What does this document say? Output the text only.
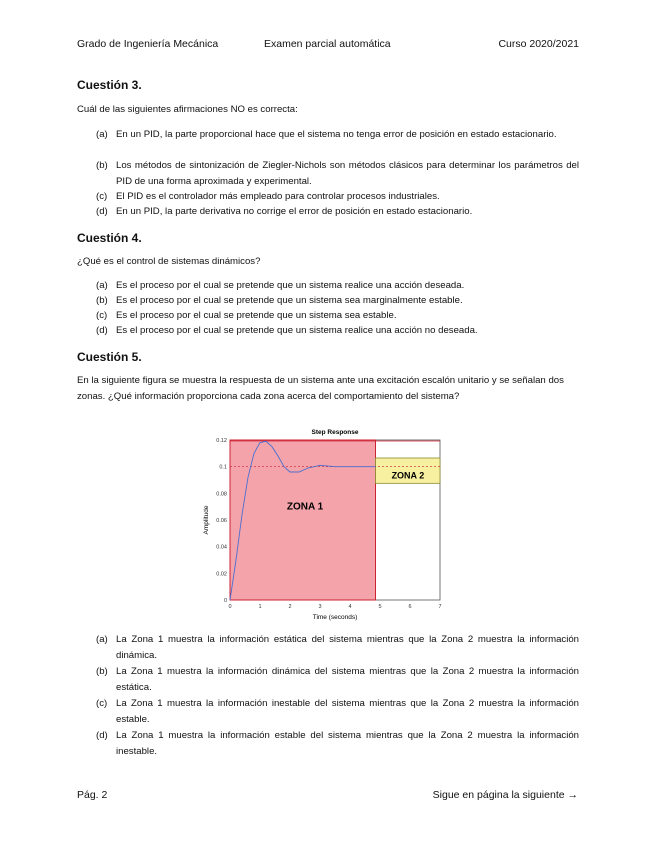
Grado de Ingeniería Mecánica	Examen parcial automática	Curso 2020/2021
Cuestión 3.
Cuál de las siguientes afirmaciones NO es correcta:
(a) En un PID, la parte proporcional hace que el sistema no tenga error de posición en estado estacionario.
(b) Los métodos de sintonización de Ziegler-Nichols son métodos clásicos para determinar los parámetros del PID de una forma aproximada y experimental.
(c) El PID es el controlador más empleado para controlar procesos industriales.
(d) En un PID, la parte derivativa no corrige el error de posición en estado estacionario.
Cuestión 4.
¿Qué es el control de sistemas dinámicos?
(a) Es el proceso por el cual se pretende que un sistema realice una acción deseada.
(b) Es el proceso por el cual se pretende que un sistema sea marginalmente estable.
(c) Es el proceso por el cual se pretende que un sistema sea estable.
(d) Es el proceso por el cual se pretende que un sistema realice una acción no deseada.
Cuestión 5.
En la siguiente figura se muestra la respuesta de un sistema ante una excitación escalón unitario y se señalan dos zonas. ¿Qué información proporciona cada zona acerca del comportamiento del sistema?
0
0.02
0.04
0.06
0.08
0.1
0.12
0	1	2	3	4	5	6	7
Step Response
Time (seconds)
Amplitude	ZONA 1
ZONA 2
(a) La Zona 1 muestra la información estática del sistema mientras que la Zona 2 muestra la información dinámica.
(b) La Zona 1 muestra la información dinámica del sistema mientras que la Zona 2 muestra la información estática.
(c) La Zona 1 muestra la información inestable del sistema mientras que la Zona 2 muestra la información estable.
(d) La Zona 1 muestra la información estable del sistema mientras que la Zona 2 muestra la información inestable.
Pág. 2	Sigue en página la siguiente →
